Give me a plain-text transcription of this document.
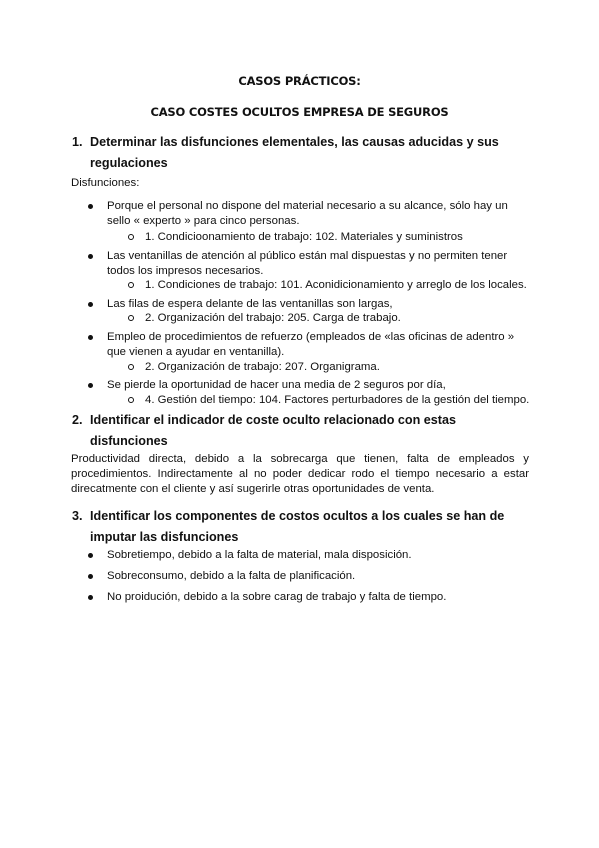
CASOS PRÁCTICOS:
CASO COSTES OCULTOS EMPRESA DE SEGUROS
1. Determinar las disfunciones elementales, las causas aducidas y sus regulaciones
Disfunciones:
Porque el personal no dispone del material necesario a su alcance, sólo hay un sello « experto » para cinco personas.
1. Condicioonamiento de trabajo: 102. Materiales y suministros
Las ventanillas de atención al público están mal dispuestas y no permiten tener todos los impresos necesarios.
1. Condiciones de trabajo: 101. Aconidicionamiento y arreglo de los locales.
Las filas de espera delante de las ventanillas son largas,
2. Organización del trabajo: 205. Carga de trabajo.
Empleo de procedimientos de refuerzo (empleados de «las oficinas de adentro » que vienen a ayudar en ventanilla).
2. Organización de trabajo: 207. Organigrama.
Se pierde la oportunidad de hacer una media de 2 seguros por día,
4. Gestión del tiempo: 104. Factores perturbadores de la gestión del tiempo.
2. Identificar el indicador de coste oculto relacionado con estas disfunciones
Productividad directa, debido a la sobrecarga que tienen, falta de empleados y procedimientos. Indirectamente al no poder dedicar rodo el tiempo necesario a estar direcatmente con el cliente y así sugerirle otras oportunidades de venta.
3. Identificar los componentes de costos ocultos a los cuales se han de imputar las disfunciones
Sobretiempo, debido a la falta de material, mala disposición.
Sobreconsumo, debido a la falta de planificación.
No proidución, debido a la sobre carag de trabajo y falta de tiempo.
